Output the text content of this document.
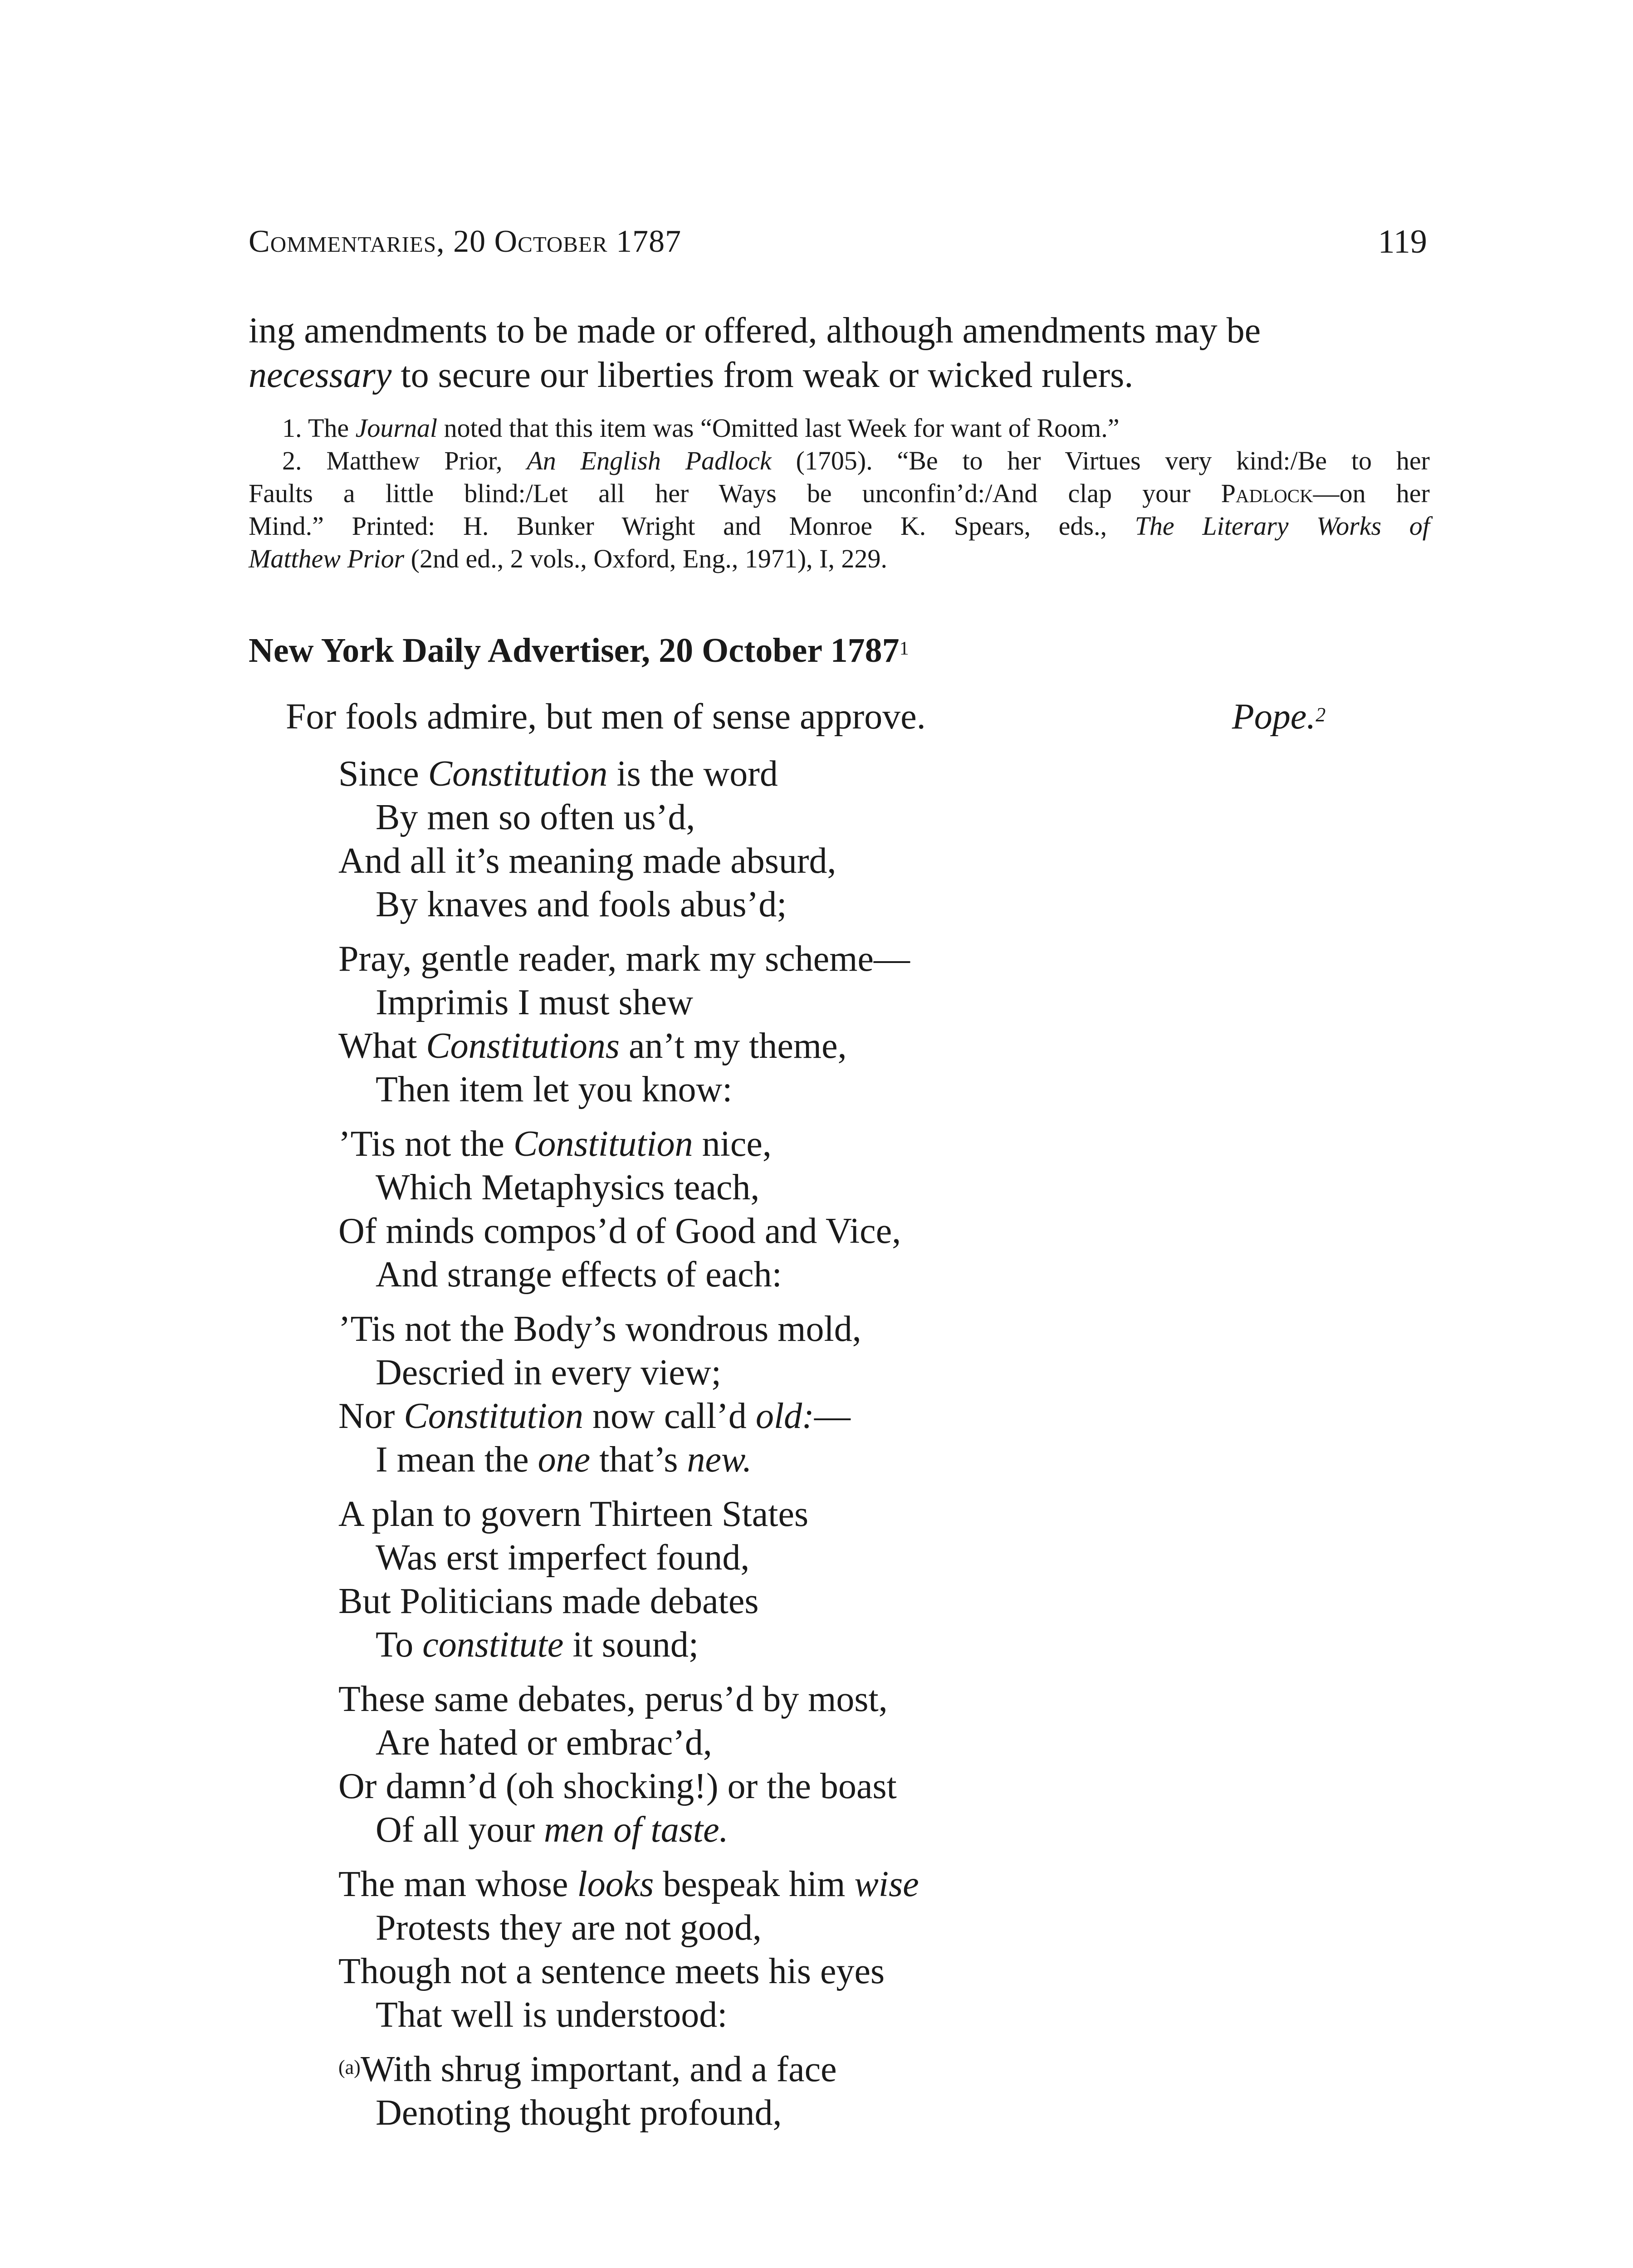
Commentaries, 20 October 1787	119
ing amendments to be made or offered, although amendments may be
necessary to secure our liberties from weak or wicked rulers.
1. The Journal noted that this item was “Omitted last Week for want of Room.”
2. Matthew Prior, An English Padlock (1705). “Be to her Virtues very kind:/Be to her
Faults a little blind:/Let all her Ways be unconfin’d:/And clap your Padlock—on her
Mind.” Printed: H. Bunker Wright and Monroe K. Spears, eds., The Literary Works of
Matthew Prior (2nd ed., 2 vols., Oxford, Eng., 1971), I, 229.
New York Daily Advertiser, 20 October 1787$^1$
For fools admire, but men of sense approve.	Pope.$^2$
Since Constitution is the word
By men so often us’d,
And all it’s meaning made absurd,
By knaves and fools abus’d;
Pray, gentle reader, mark my scheme—
Imprimis I must shew
What Constitutions an’t my theme,
Then item let you know:
’Tis not the Constitution nice,
Which Metaphysics teach,
Of minds compos’d of Good and Vice,
And strange effects of each:
’Tis not the Body’s wondrous mold,
Descried in every view;
Nor Constitution now call’d old:—
I mean the one that’s new.
A plan to govern Thirteen States
Was erst imperfect found,
But Politicians made debates
To constitute it sound;
These same debates, perus’d by most,
Are hated or embrac’d,
Or damn’d (oh shocking!) or the boast
Of all your men of taste.
The man whose looks bespeak him wise
Protests they are not good,
Though not a sentence meets his eyes
That well is understood:
$^{(a)}$With shrug important, and a face
Denoting thought profound,
